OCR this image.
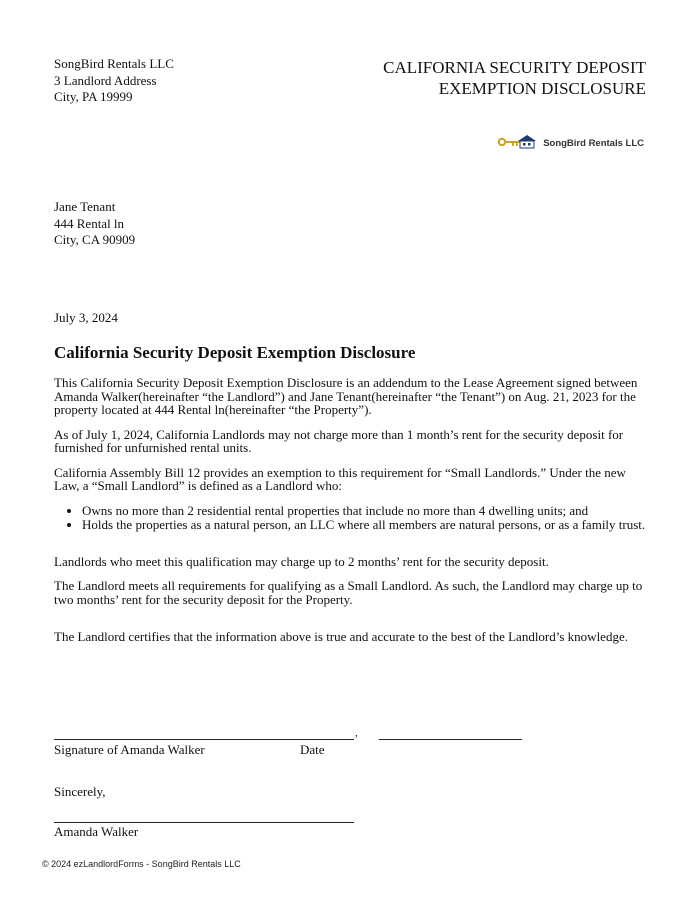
SongBird Rentals LLC
3 Landlord Address
City, PA 19999
CALIFORNIA SECURITY DEPOSIT
EXEMPTION DISCLOSURE
SongBird Rentals LLC
Jane Tenant
444 Rental ln
City, CA 90909
July 3, 2024
California Security Deposit Exemption Disclosure

This California Security Deposit Exemption Disclosure is an addendum to the Lease Agreement signed between Amanda Walker(hereinafter “the Landlord”) and Jane Tenant(hereinafter “the Tenant”) on Aug. 21, 2023 for the property located at 444 Rental ln(hereinafter “the Property”).

As of July 1, 2024, California Landlords may not charge more than 1 month’s rent for the security deposit for furnished for unfurnished rental units.

California Assembly Bill 12 provides an exemption to this requirement for “Small Landlords.” Under the new Law, a “Small Landlord” is defined as a Landlord who:

• Owns no more than 2 residential rental properties that include no more than 4 dwelling units; and
• Holds the properties as a natural person, an LLC where all members are natural persons, or as a family trust.

Landlords who meet this qualification may charge up to 2 months’ rent for the security deposit.

The Landlord meets all requirements for qualifying as a Small Landlord. As such, the Landlord may charge up to two months’ rent for the security deposit for the Property.

The Landlord certifies that the information above is true and accurate to the best of the Landlord’s knowledge.

,
Signature of Amanda Walker	Date
Sincerely,
Amanda Walker
© 2024 ezLandlordForms - SongBird Rentals LLC
